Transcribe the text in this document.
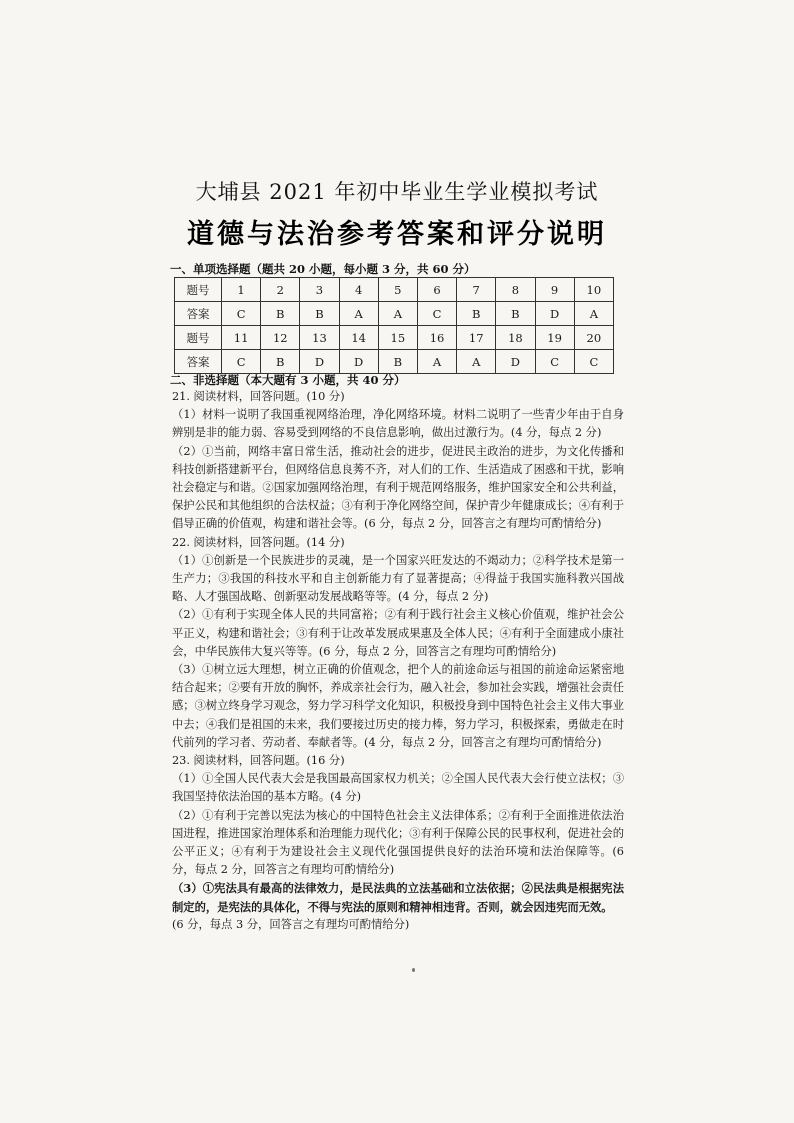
大埔县 2021 年初中毕业生学业模拟考试
道德与法治参考答案和评分说明
一、单项选择题（题共 20 小题，每小题 3 分，共 60 分）
题号	1	2	3	4	5	6	7	8	9	10
答案	C	B	B	A	A	C	B	B	D	A
题号	11	12	13	14	15	16	17	18	19	20
答案	C	B	D	D	B	A	A	D	C	C
二、非选择题（本大题有 3 小题，共 40 分）

21. 阅读材料，回答问题。(10 分)

（1）材料一说明了我国重视网络治理，净化网络环境。材料二说明了一些青少年由于自身辨别是非的能力弱、容易受到网络的不良信息影响，做出过激行为。(4 分，每点 2 分)

（2）①当前，网络丰富日常生活，推动社会的进步，促进民主政治的进步，为文化传播和科技创新搭建新平台，但网络信息良莠不齐，对人们的工作、生活造成了困惑和干扰，影响社会稳定与和谐。②国家加强网络治理，有利于规范网络服务，维护国家安全和公共利益，保护公民和其他组织的合法权益；③有利于净化网络空间，保护青少年健康成长；④有利于倡导正确的价值观，构建和谐社会等。(6 分，每点 2 分，回答言之有理均可酌情给分)

22. 阅读材料，回答问题。(14 分)

（1）①创新是一个民族进步的灵魂，是一个国家兴旺发达的不竭动力；②科学技术是第一生产力；③我国的科技水平和自主创新能力有了显著提高；④得益于我国实施科教兴国战略、人才强国战略、创新驱动发展战略等等。(4 分，每点 2 分)

（2）①有利于实现全体人民的共同富裕；②有利于践行社会主义核心价值观，维护社会公平正义，构建和谐社会；③有利于让改革发展成果惠及全体人民；④有利于全面建成小康社会，中华民族伟大复兴等等。(6 分，每点 2 分，回答言之有理均可酌情给分)

（3）①树立远大理想，树立正确的价值观念，把个人的前途命运与祖国的前途命运紧密地结合起来；②要有开放的胸怀，养成亲社会行为，融入社会，参加社会实践，增强社会责任感；③树立终身学习观念，努力学习科学文化知识，积极投身到中国特色社会主义伟大事业中去；④我们是祖国的未来，我们要接过历史的接力棒，努力学习，积极探索，勇做走在时代前列的学习者、劳动者、奉献者等。(4 分，每点 2 分，回答言之有理均可酌情给分)

23. 阅读材料，回答问题。(16 分)

（1）①全国人民代表大会是我国最高国家权力机关；②全国人民代表大会行使立法权；③我国坚持依法治国的基本方略。(4 分)

（2）①有利于完善以宪法为核心的中国特色社会主义法律体系；②有利于全面推进依法治国进程，推进国家治理体系和治理能力现代化；③有利于保障公民的民事权利，促进社会的公平正义；④有利于为建设社会主义现代化强国提供良好的法治环境和法治保障等。(6 分，每点 2 分，回答言之有理均可酌情给分)

（3）①宪法具有最高的法律效力，是民法典的立法基础和立法依据；②民法典是根据宪法制定的，是宪法的具体化，不得与宪法的原则和精神相违背。否则，就会因违宪而无效。

(6 分，每点 3 分，回答言之有理均可酌情给分)
